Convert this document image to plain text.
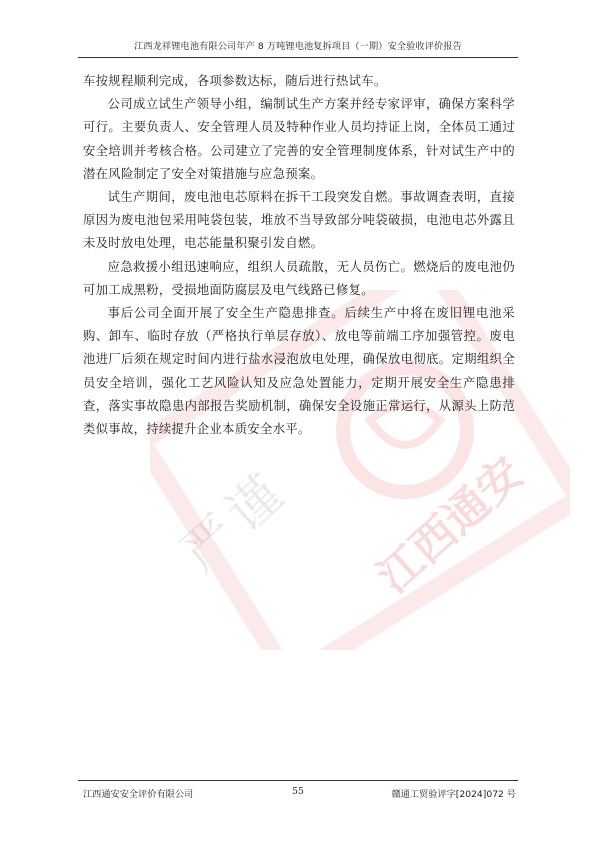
江西龙祥锂电池有限公司年产 8 万吨锂电池复拆项目（一期）安全验收评价报告
严
谨 江西通安

车按规程顺利完成，各项参数达标，随后进行热试车。

公司成立试生产领导小组，编制试生产方案并经专家评审，确保方案科学可行。主要负责人、安全管理人员及特种作业人员均持证上岗，全体员工通过安全培训并考核合格。公司建立了完善的安全管理制度体系，针对试生产中的潜在风险制定了安全对策措施与应急预案。

试生产期间，废电池电芯原料在拆干工段突发自燃。事故调查表明，直接原因为废电池包采用吨袋包装，堆放不当导致部分吨袋破损，电池电芯外露且未及时放电处理，电芯能量积聚引发自燃。

应急救援小组迅速响应，组织人员疏散，无人员伤亡。燃烧后的废电池仍可加工成黑粉，受损地面防腐层及电气线路已修复。

事后公司全面开展了安全生产隐患排查。后续生产中将在废旧锂电池采购、卸车、临时存放（严格执行单层存放）、放电等前端工序加强管控。废电池进厂后须在规定时间内进行盐水浸泡放电处理，确保放电彻底。定期组织全员安全培训，强化工艺风险认知及应急处置能力，定期开展安全生产隐患排查，落实事故隐患内部报告奖励机制，确保安全设施正常运行，从源头上防范类似事故，持续提升企业本质安全水平。

江西通安安全评价有限公司	55	赣通工贸验评字[2024]072 号
